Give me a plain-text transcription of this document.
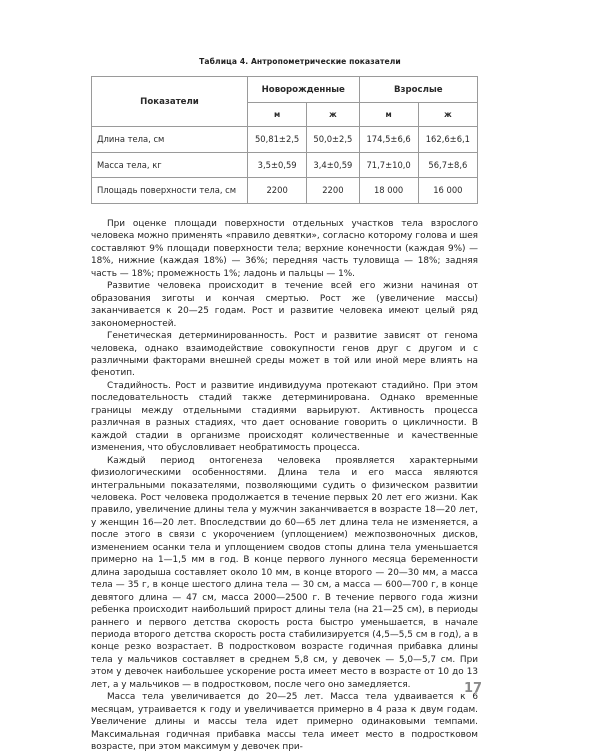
Таблица 4. Антропометрические показатели
Показатели	Новорожденные		Взрослые	
	м	ж	м	ж
Длина тела, см	50,81±2,5	50,0±2,5	174,5±6,6	162,6±6,1
Масса тела, кг	3,5±0,59	3,4±0,59	71,7±10,0	56,7±8,6
Площадь поверхности тела, см	2200	2200	18 000	16 000

При оценке площади поверхности отдельных участков тела взрослого человека можно применять «правило девятки», согласно которому голова и шея составляют 9% площади поверхности тела; верхние конечности (каждая 9%) — 18%, нижние (каждая 18%) — 36%; передняя часть туловища — 18%; задняя часть — 18%; промежность 1%; ладонь и пальцы — 1%.

Развитие человека происходит в течение всей его жизни начиная от образования зиготы и кончая смертью. Рост же (увеличение массы) заканчивается к 20—25 годам. Рост и развитие человека имеют целый ряд закономерностей.

Генетическая детерминированность. Рост и развитие зависят от генома человека, однако взаимодействие совокупности генов друг с другом и с различными факторами внешней среды может в той или иной мере влиять на фенотип.

Стадийность. Рост и развитие индивидуума протекают стадийно. При этом последовательность стадий также детерминирована. Однако временные границы между отдельными стадиями варьируют. Активность процесса различная в разных стадиях, что дает основание говорить о цикличности. В каждой стадии в организме происходят количественные и качественные изменения, что обусловливает необратимость процесса.

Каждый период онтогенеза человека проявляется характерными физиологическими особенностями. Длина тела и его масса являются интегральными показателями, позволяющими судить о физическом развитии человека. Рост человека продолжается в течение первых 20 лет его жизни. Как правило, увеличение длины тела у мужчин заканчивается в возрасте 18—20 лет, у женщин 16—20 лет. Впоследствии до 60—65 лет длина тела не изменяется, а после этого в связи с укорочением (уплощением) межпозвоночных дисков, изменением осанки тела и уплощением сводов стопы длина тела уменьшается примерно на 1—1,5 мм в год. В конце первого лунного месяца беременности длина зародыша составляет около 10 мм, в конце второго — 20—30 мм, а масса тела — 35 г, в конце шестого длина тела — 30 см, а масса — 600—700 г, в конце девятого длина — 47 см, масса 2000—2500 г. В течение первого года жизни ребенка происходит наибольший прирост длины тела (на 21—25 см), в периоды раннего и первого детства скорость роста быстро уменьшается, в начале периода второго детства скорость роста стабилизируется (4,5—5,5 см в год), а в конце резко возрастает. В подростковом возрасте годичная прибавка длины тела у мальчиков составляет в среднем 5,8 см, у девочек — 5,0—5,7 см. При этом у девочек наибольшее ускорение роста имеет место в возрасте от 10 до 13 лет, а у мальчиков — в подростковом, после чего оно замедляется.

Масса тела увеличивается до 20—25 лет. Масса тела удваивается к 6 месяцам, утраивается к году и увеличивается примерно в 4 раза к двум годам. Увеличение длины и массы тела идет примерно одинаковыми темпами. Максимальная годичная прибавка массы тела имеет место в подростковом возрасте, при этом максимум у девочек при-

17
